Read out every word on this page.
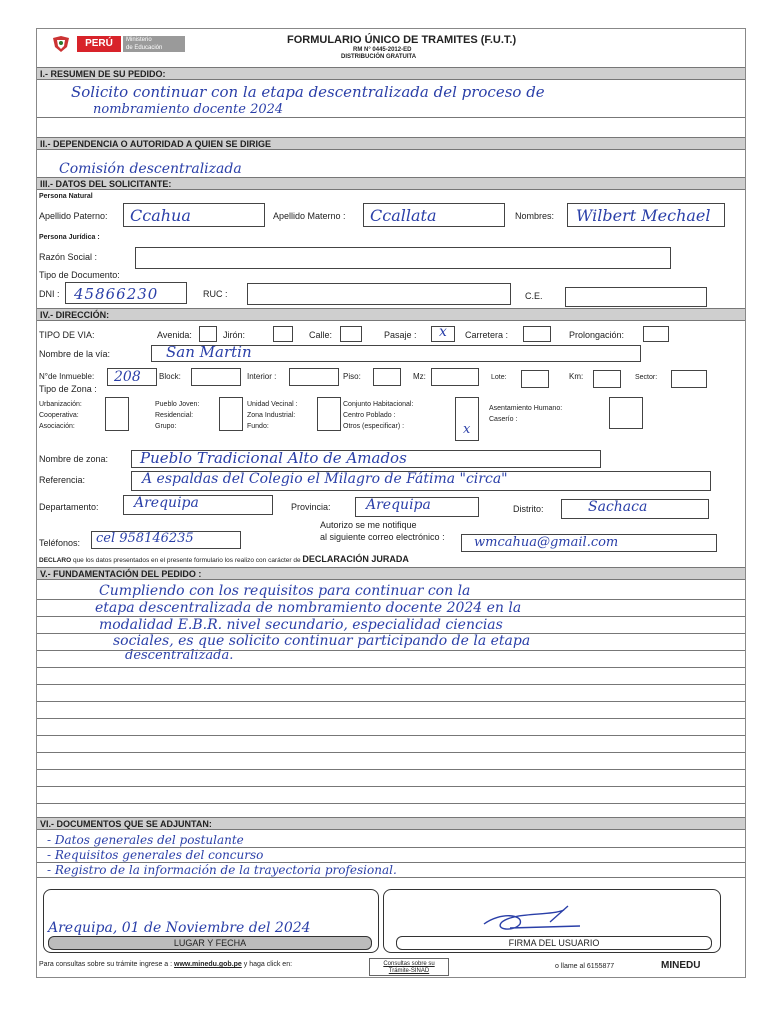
PERÚ	Ministerio
de Educación
FORMULARIO ÚNICO DE TRAMITES (F.U.T.)
RM N° 0445-2012-ED
DISTRIBUCIÓN GRATUITA
I.- RESUMEN DE SU PEDIDO:
Solicito continuar con la etapa descentralizada del proceso de
nombramiento docente 2024
II.- DEPENDENCIA O AUTORIDAD A QUIEN SE DIRIGE
Comisión descentralizada
III.- DATOS DEL SOLICITANTE:
Persona Natural
Apellido Paterno: Ccahua	Apellido Materno : Ccallata	Nombres: Wilbert Mechael
Persona Jurídica :
Razón Social :
Tipo de Documento:
DNI : 45866230	RUC :	C.E.
IV.- DIRECCIÓN:
TIPO DE VIA:	Avenida:	Jirón:	Calle:	Pasaje : x Carretera :	Prolongación:
Nombre de la vía:	San Martin
N°de Inmueble: 208 Block:	Interior :	Piso:	Mz:	Lote:	Km:	Sector:
Tipo de Zona :
Urbanización:
Cooperativa:
Asociación:
Pueblo Joven:
Residencial:
Grupo:
Unidad Vecinal :
Zona Industrial:
Fundo:
Conjunto Habitacional:
Centro Poblado :
Otros (especificar) :	x
Asentamiento Humano:
Caserío :
Nombre de zona: Pueblo Tradicional Alto de Amados
Referencia:	A espaldas del Colegio el Milagro de Fátima "circa"
Departamento:	Arequipa	Provincia:	Arequipa	Distrito:	Sachaca
Autorizo se me notifique
al siguiente correo electrónico :
Teléfonos: cel 958146235	wmcahua@gmail.com
DECLARO que los datos presentados en el presente formulario los realizo con carácter de DECLARACIÓN JURADA
V.- FUNDAMENTACIÓN DEL PEDIDO :
Cumpliendo con los requisitos para continuar con la
etapa descentralizada de nombramiento docente 2024 en la
modalidad E.B.R. nivel secundario, especialidad ciencias
sociales, es que solicito continuar participando de la etapa
descentralizada.
VI.- DOCUMENTOS QUE SE ADJUNTAN:
- Datos generales del postulante
- Requisitos generales del concurso
- Registro de la información de la trayectoria profesional.
Arequipa, 01 de Noviembre del 2024
LUGAR Y FECHA	FIRMA DEL USUARIO
Para consultas sobre su trámite ingrese a : www.minedu.gob.pe y haga click en:	Consultas sobre su
Trámite-SINAD
o llame al 6155877	MINEDU
